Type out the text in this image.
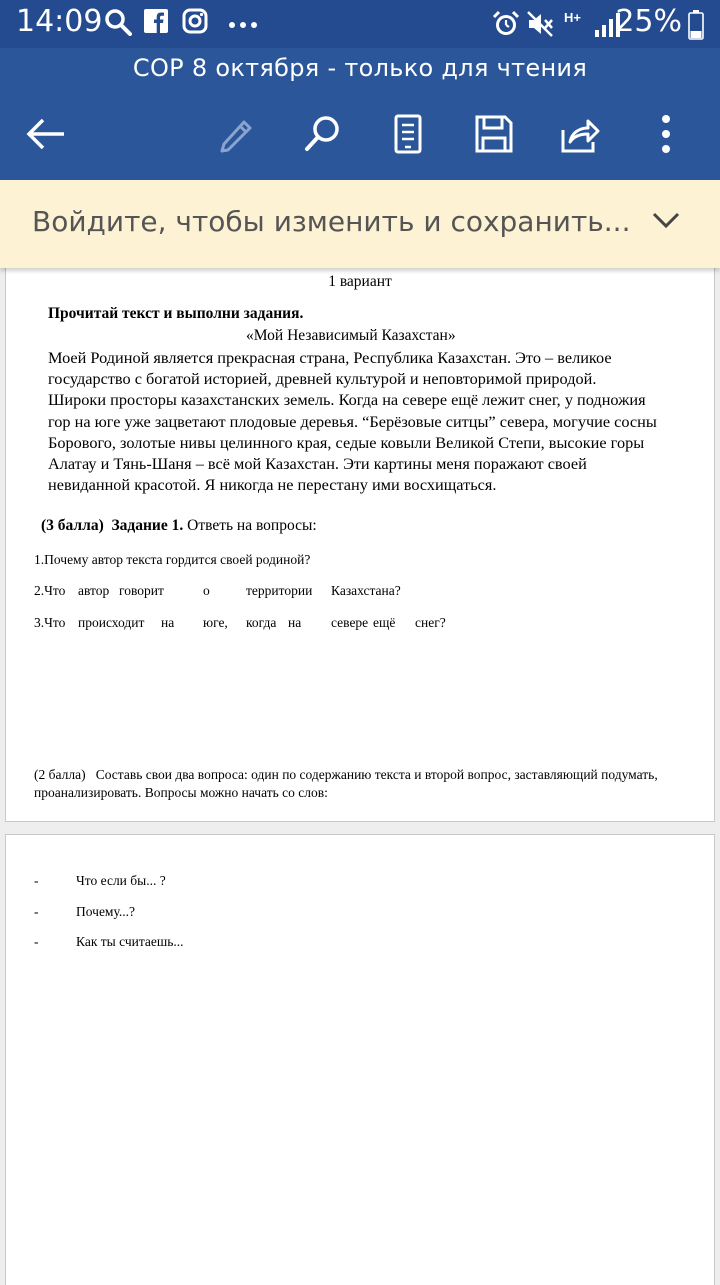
14:09	H+ 25%
СОР 8 октября - только для чтения
Войдите, чтобы изменить и сохранить...
1 вариант
Прочитай текст и выполни задания.
«Мой Независимый Казахстан»
Моей Родиной является прекрасная страна, Республика Казахстан. Это – великое государство с богатой историей, древней культурой и неповторимой природой. Широки просторы казахстанских земель. Когда на севере ещё лежит снег, у подножия гор на юге уже зацветают плодовые деревья. “Берёзовые ситцы” севера, могучие сосны Борового, золотые нивы целинного края, седые ковыли Великой Степи, высокие горы Алатау и Тянь-Шаня – всё мой Казахстан. Эти картины меня поражают своей невиданной красотой. Я никогда не перестану ими восхищаться.
(3 балла) Задание 1. Ответь на вопросы:
1.Почему автор текста гордится своей родиной?
2.Что автор говорит	о	территории Казахстана?
3.Что происходит на юге, когда на севере ещё снег?
(2 балла) Составь свои два вопроса: один по содержанию текста и второй вопрос, заставляющий подумать, проанализировать. Вопросы можно начать со слов:
-	Что если бы... ?
-	Почему...?
-	Как ты считаешь...
